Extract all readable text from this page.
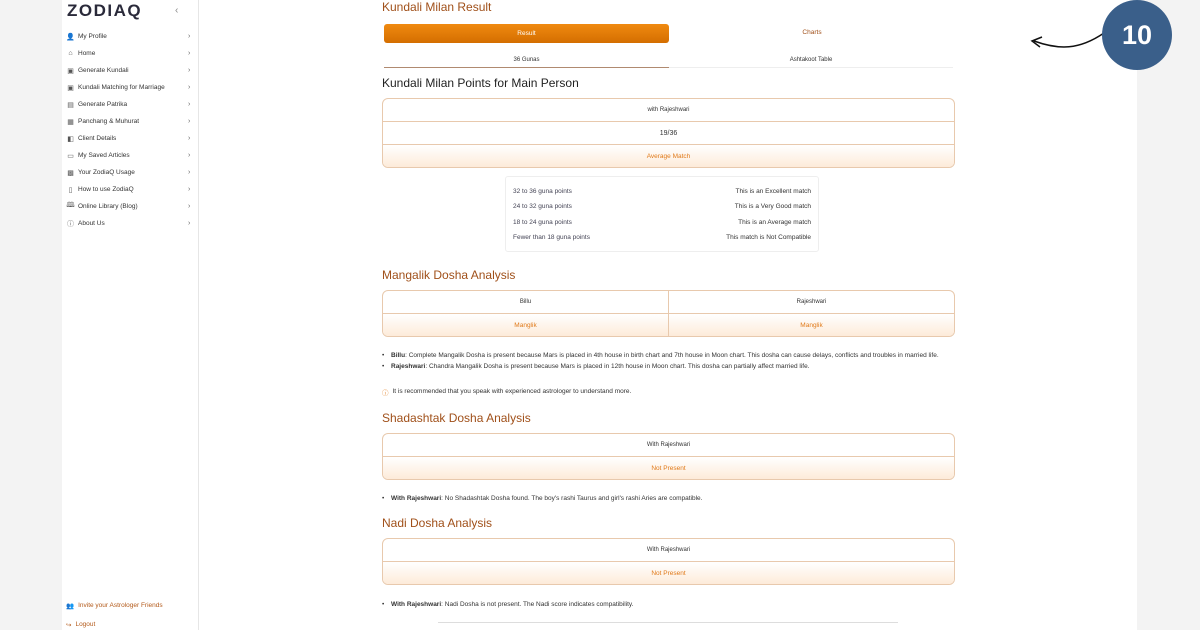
ZODIAQ	‹
👤 My Profile	›
⌂ Home	›
▣ Generate Kundali	›
▣ Kundali Matching for Marriage	›
▤ Generate Patrika	›
▦ Panchang & Muhurat	›
◧ Client Details	›
▭ My Saved Articles	›
▩ Your ZodiaQ Usage	›
▯ How to use ZodiaQ	›
🕮 Online Library (Blog)	›
ⓘ About Us	›
👥 Invite your Astrologer Friends
↪ Logout
Kundali Milan Result
Result	Charts
36 Gunas	Ashtakoot Table
Kundali Milan Points for Main Person
with Rajeshwari
19/36
Average Match
32 to 36 guna points	This is an Excellent match
24 to 32 guna points	This is a Very Good match
18 to 24 guna points	This is an Average match
Fewer than 18 guna points	This match is Not Compatible
Mangalik Dosha Analysis
Billu	Rajeshwari
Manglik	Manglik
• Billu: Complete Mangalik Dosha is present because Mars is placed in 4th house in birth chart and 7th house in Moon chart. This dosha can cause delays, conflicts and troubles in married life.
• Rajeshwari: Chandra Mangalik Dosha is present because Mars is placed in 12th house in Moon chart. This dosha can partially affect married life.
ⓘ It is recommended that you speak with experienced astrologer to understand more.
Shadashtak Dosha Analysis
With Rajeshwari
Not Present
• With Rajeshwari: No Shadashtak Dosha found. The boy's rashi Taurus and girl's rashi Aries are compatible.
Nadi Dosha Analysis
With Rajeshwari
Not Present
• With Rajeshwari: Nadi Dosha is not present. The Nadi score indicates compatibility.
10
